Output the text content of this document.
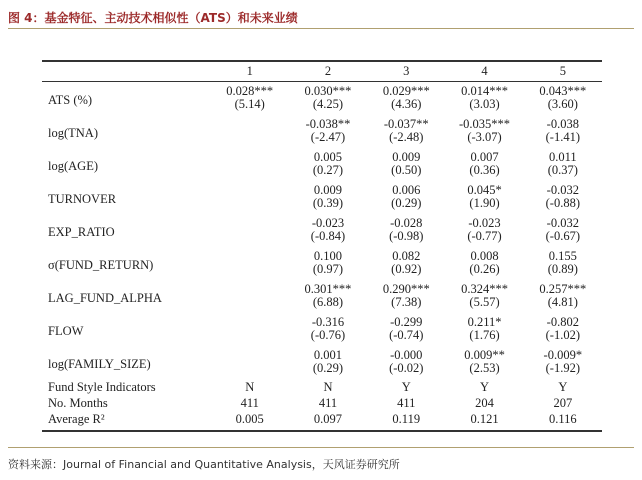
图 4：基金特征、主动技术相似性（ATS）和未来业绩
	1	2	3	4	5
ATS (%)	0.028***	0.030***	0.029***	0.014***	0.043***
	(5.14)	(4.25)	(4.36)	(3.03)	(3.60)
log(TNA)		-0.038**	-0.037**	-0.035***	-0.038
		(-2.47)	(-2.48)	(-3.07)	(-1.41)
log(AGE)		0.005	0.009	0.007	0.011
		(0.27)	(0.50)	(0.36)	(0.37)
TURNOVER		0.009	0.006	0.045*	-0.032
		(0.39)	(0.29)	(1.90)	(-0.88)
EXP_RATIO		-0.023	-0.028	-0.023	-0.032
		(-0.84)	(-0.98)	(-0.77)	(-0.67)
σ(FUND_RETURN)		0.100	0.082	0.008	0.155
		(0.97)	(0.92)	(0.26)	(0.89)
LAG_FUND_ALPHA		0.301***	0.290***	0.324***	0.257***
		(6.88)	(7.38)	(5.57)	(4.81)
FLOW		-0.316	-0.299	0.211*	-0.802
		(-0.76)	(-0.74)	(1.76)	(-1.02)
log(FAMILY_SIZE)		0.001	-0.000	0.009**	-0.009*
		(0.29)	(-0.02)	(2.53)	(-1.92)
Fund Style Indicators	N	N	Y	Y	Y
No. Months	411	411	411	204	207
Average R²	0.005	0.097	0.119	0.121	0.116
资料来源：Journal of Financial and Quantitative Analysis，天风证券研究所
